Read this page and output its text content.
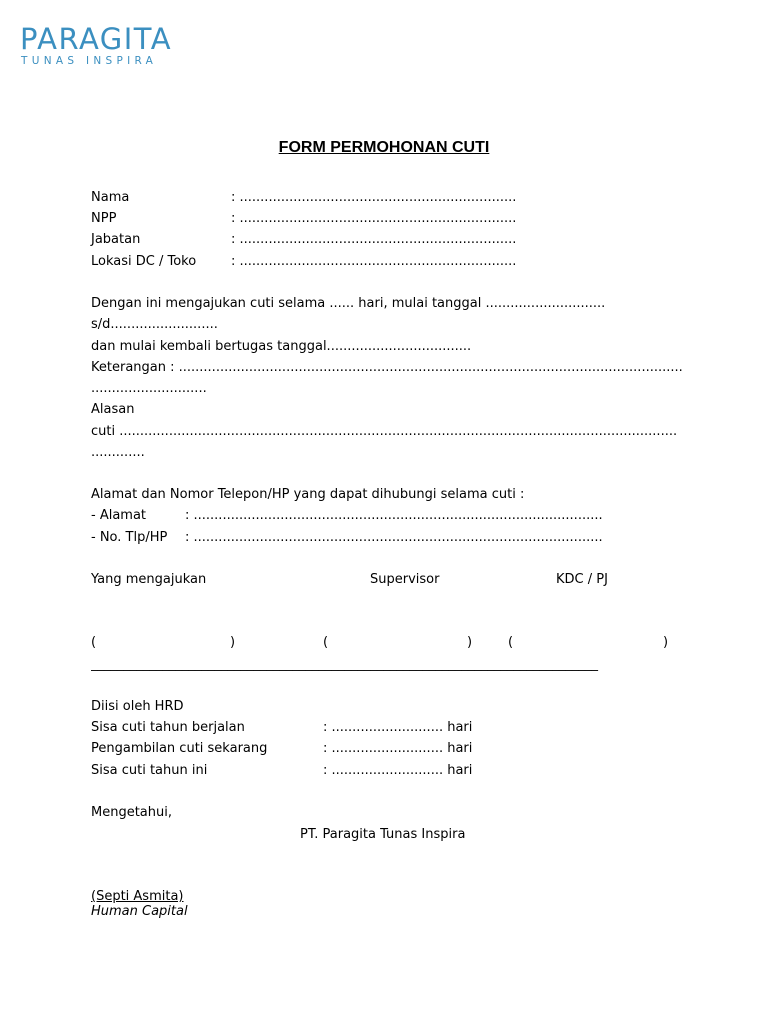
PARAGITA
TUNAS INSPIRA
FORM PERMOHONAN CUTI
Nama	: ...................................................................
NPP	: ...................................................................
Jabatan	: ...................................................................
Lokasi DC / Toko	: ...................................................................
Dengan ini mengajukan cuti selama ...... hari, mulai tanggal .............................
s/d..........................
dan mulai kembali bertugas tanggal...................................
Keterangan : ..........................................................................................................................
............................
Alasan
cuti .......................................................................................................................................
.............
Alamat dan Nomor Telepon/HP yang dapat dihubungi selama cuti :
- Alamat	: ...................................................................................................
- No. Tlp/HP : ...................................................................................................
Yang mengajukan	Supervisor	KDC / PJ
(	)	(	)	(	)
______________________________________________________________________________
Diisi oleh HRD
Sisa cuti tahun berjalan	: ........................... hari
Pengambilan cuti sekarang	: ........................... hari
Sisa cuti tahun ini	: ........................... hari
Mengetahui,
PT. Paragita Tunas Inspira
(Septi Asmita)
Human Capital
